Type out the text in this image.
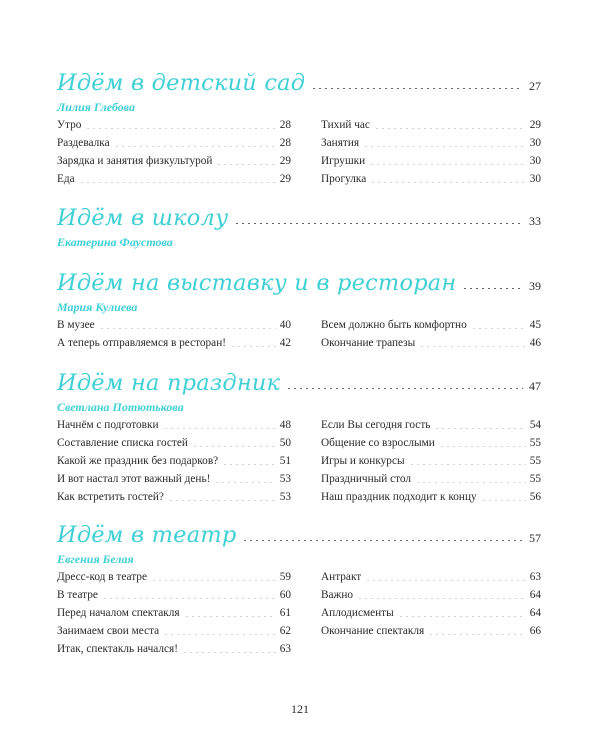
Идём в детский сад	27
Лилия Глебова
Утро	28
Раздевалка	28
Зарядка и занятия физкультурой	29
Еда	29
Тихий час	29
Занятия	30
Игрушки	30
Прогулка	30
Идём в школу	33
Екатерина Фаустова
Идём на выставку и в ресторан	39
Мария Кулиева
В музее	40
А теперь отправляемся в ресторан!	42
Всем должно быть комфортно	45
Окончание трапезы	46
Идём на праздник	47
Светлана Потютькова
Начнём с подготовки	48
Составление списка гостей	50
Какой же праздник без подарков?	51
И вот настал этот важный день!	53
Как встретить гостей?	53
Если Вы сегодня гость	54
Общение со взрослыми	55
Игры и конкурсы	55
Праздничный стол	55
Наш праздник подходит к концу	56
Идём в театр	57
Евгения Белая
Дресс-код в театре	59
В театре	60
Перед началом спектакля	61
Занимаем свои места	62
Итак, спектакль начался!	63
Антракт	63
Важно	64
Аплодисменты	64
Окончание спектакля	66
121
